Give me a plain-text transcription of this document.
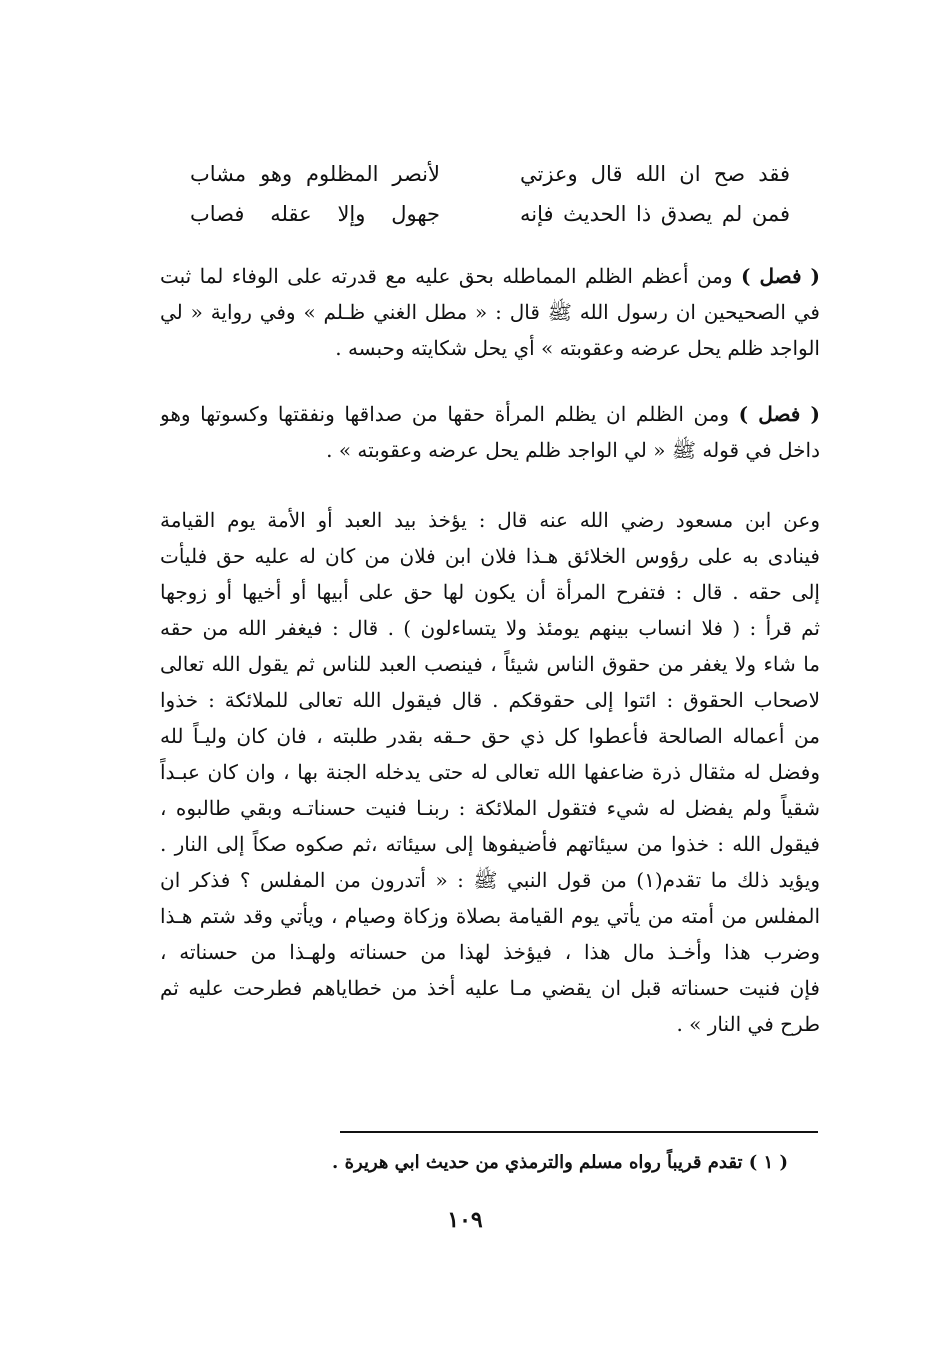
فقد صح ان الله قال وعزتي
لأنصر المظلوم وهو مشاب
فمن لم يصدق ذا الحديث فإنه
جهول وإلا عقله فصاب
( فصل ) ومن أعظم الظلم المماطله بحق عليه مع قدرته على الوفاء لما ثبت
في الصحيحين ان رسول الله ﷺ قال : « مطل الغني ظـلم » وفي رواية « لي
الواجد ظلم يحل عرضه وعقوبته » أي يحل شكايته وحبسه .
( فصل ) ومن الظلم ان يظلم المرأة حقها من صداقها ونفقتها وكسوتها وهو
داخل في قوله ﷺ « لي الواجد ظلم يحل عرضه وعقوبته » .
وعن ابن مسعود رضي الله عنه قال : يؤخذ بيد العبد أو الأمة يوم القيامة
فينادى به على رؤوس الخلائق هـذا فلان ابن فلان من كان له عليه حق فليأت
إلى حقه . قال : فتفرح المرأة أن يكون لها حق على أبيها أو أخيها أو زوجها
ثم قرأ : ( فلا انساب بينهم يومئذ ولا يتساءلون ) . قال : فيغفر الله من حقه
ما شاء ولا يغفر من حقوق الناس شيئاً ، فينصب العبد للناس ثم يقول الله تعالى
لاصحاب الحقوق : ائتوا إلى حقوقكم . قال فيقول الله تعالى للملائكة : خذوا
من أعماله الصالحة فأعطوا كل ذي حق حـقه بقدر طلبته ، فان كان وليـاً لله
وفضل له مثقال ذرة ضاعفها الله تعالى له حتى يدخله الجنة بها ، وان كان عبـداً
شقياً ولم يفضل له شيء فتقول الملائكة : ربنـا فنيت حسناتـه وبقي طالبوه ،
فيقول الله : خذوا من سيئاتهم فأضيفوها إلى سيئاته ،ثم صكوه صكاً إلى النار .
ويؤيد ذلك ما تقدم(١) من قول النبي ﷺ : « أتدرون من المفلس ؟ فذكر ان
المفلس من أمته من يأتي يوم القيامة بصلاة وزكاة وصيام ، ويأتي وقد شتم هـذا
وضرب هذا وأخـذ مال هذا ، فيؤخذ لهذا من حسناته ولهـذا من حسناته ،
فإن فنيت حسناته قبل ان يقضي مـا عليه أخذ من خطاياهم فطرحت عليه ثم
طرح في النار » .
( ١ ) تقدم قريباً رواه مسلم والترمذي من حديث ابي هريرة .
١٠٩
